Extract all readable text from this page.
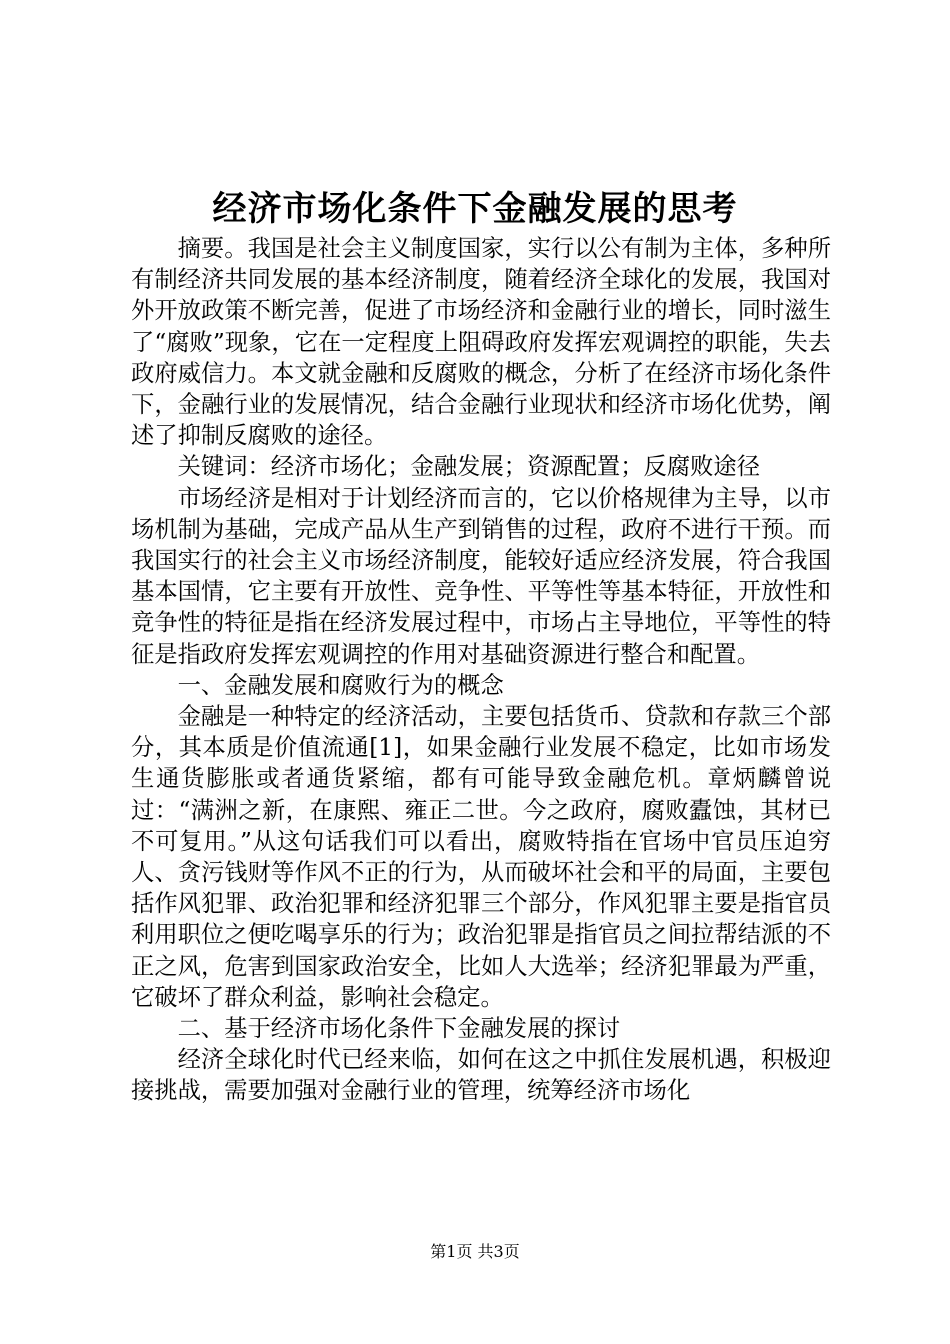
经济市场化条件下金融发展的思考

摘要。我国是社会主义制度国家，实行以公有制为主体，多种所有制经济共同发展的基本经济制度，随着经济全球化的发展，我国对外开放政策不断完善，促进了市场经济和金融行业的增长，同时滋生了“腐败”现象，它在一定程度上阻碍政府发挥宏观调控的职能，失去政府威信力。本文就金融和反腐败的概念，分析了在经济市场化条件下，金融行业的发展情况，结合金融行业现状和经济市场化优势，阐述了抑制反腐败的途径。

关键词：经济市场化；金融发展；资源配置；反腐败途径

市场经济是相对于计划经济而言的，它以价格规律为主导，以市场机制为基础，完成产品从生产到销售的过程，政府不进行干预。而我国实行的社会主义市场经济制度，能较好适应经济发展，符合我国基本国情，它主要有开放性、竞争性、平等性等基本特征，开放性和竞争性的特征是指在经济发展过程中，市场占主导地位，平等性的特征是指政府发挥宏观调控的作用对基础资源进行整合和配置。

一、金融发展和腐败行为的概念

金融是一种特定的经济活动，主要包括货币、贷款和存款三个部分，其本质是价值流通[1]，如果金融行业发展不稳定，比如市场发生通货膨胀或者通货紧缩，都有可能导致金融危机。章炳麟曾说过：“满洲之新，在康熙、雍正二世。今之政府，腐败蠹蚀，其材已不可复用。”从这句话我们可以看出，腐败特指在官场中官员压迫穷人、贪污钱财等作风不正的行为，从而破坏社会和平的局面，主要包括作风犯罪、政治犯罪和经济犯罪三个部分，作风犯罪主要是指官员利用职位之便吃喝享乐的行为；政治犯罪是指官员之间拉帮结派的不正之风，危害到国家政治安全，比如人大选举；经济犯罪最为严重，它破坏了群众利益，影响社会稳定。

二、基于经济市场化条件下金融发展的探讨

经济全球化时代已经来临，如何在这之中抓住发展机遇，积极迎接挑战，需要加强对金融行业的管理，统筹经济市场化

第1页 共3页
